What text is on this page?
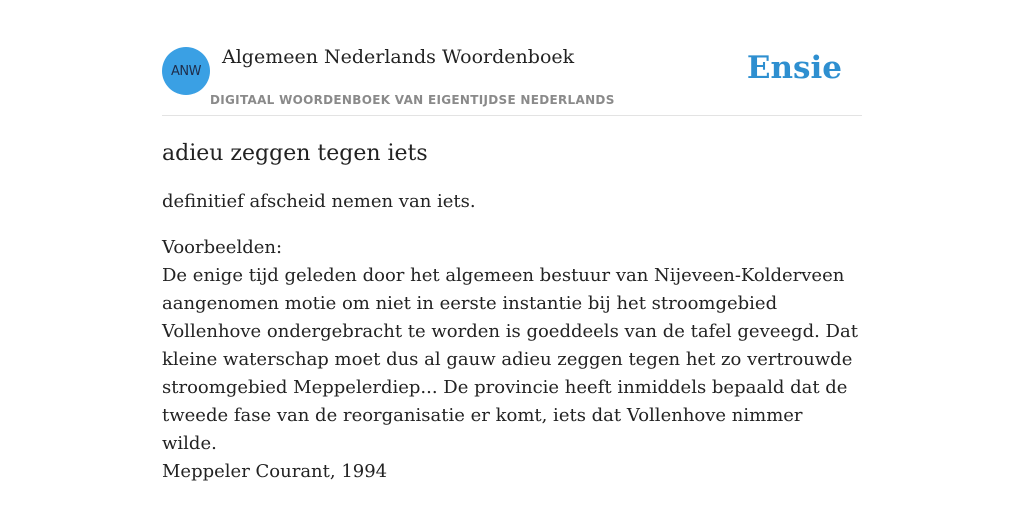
ANW
Algemeen Nederlands Woordenboek
DIGITAAL WOORDENBOEK VAN EIGENTIJDSE NEDERLANDS
Ensie
adieu zeggen tegen iets

definitief afscheid nemen van iets.

Voorbeelden:
De enige tijd geleden door het algemeen bestuur van Nijeveen-Kolderveen aangenomen motie om niet in eerste instantie bij het stroomgebied Vollenhove ondergebracht te worden is goeddeels van de tafel geveegd. Dat kleine waterschap moet dus al gauw adieu zeggen tegen het zo vertrouwde stroomgebied Meppelerdiep... De provincie heeft inmiddels bepaald dat de tweede fase van de reorganisatie er komt, iets dat Vollenhove nimmer wilde.
Meppeler Courant, 1994
